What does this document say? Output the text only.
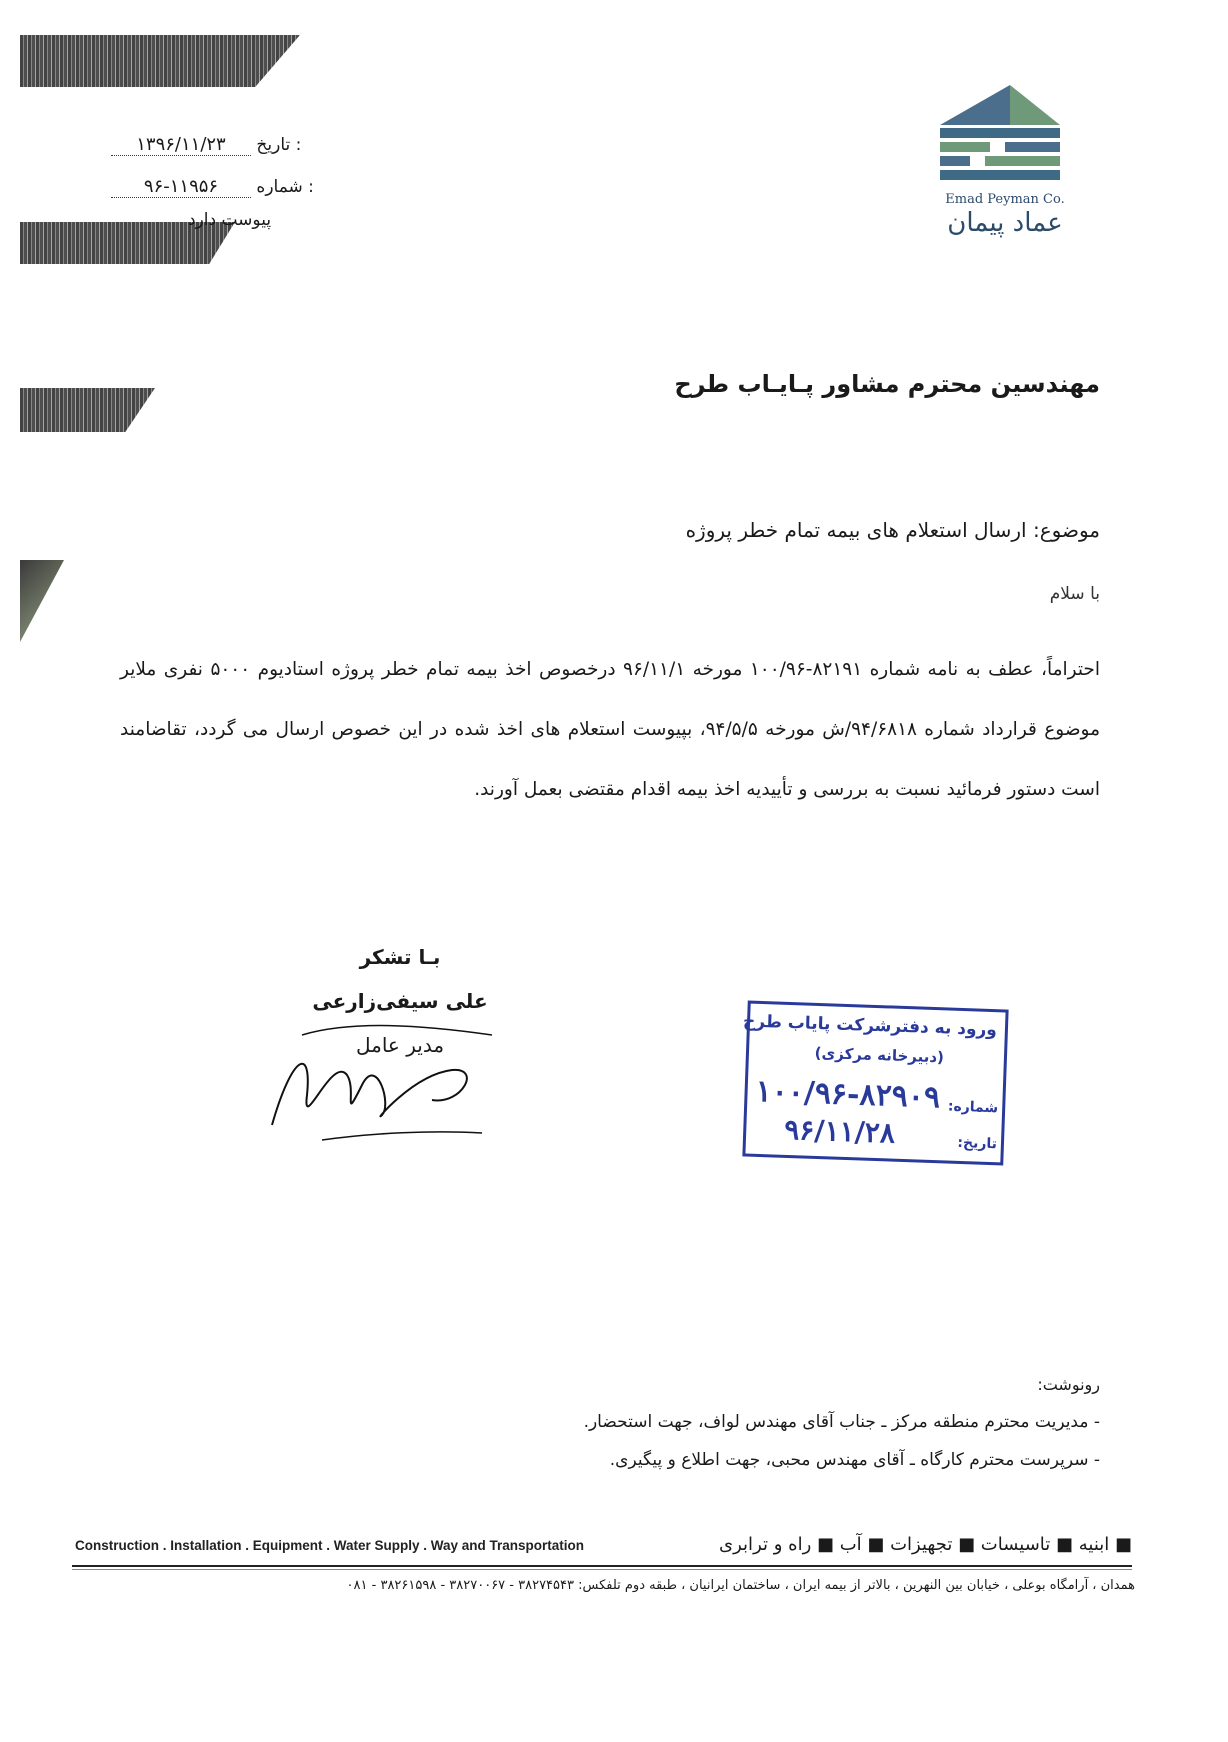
: تاریخ ۱۳۹۶/۱۱/۲۳
: شماره ۹۶-۱۱۹۵۶
پیوست دارد
Emad Peyman Co.
عماد پیمان
مهندسین محترم مشاور پـایـاب طرح
موضوع: ارسال استعلام های بیمه تمام خطر پروژه
با سلام
احتراماً، عطف به نامه شماره ۸۲۱۹۱-۱۰۰/۹۶ مورخه ۹۶/۱۱/۱ درخصوص اخذ بیمه تمام خطر پروژه استادیوم ۵۰۰۰ نفری ملایر موضوع قرارداد شماره ۹۴/۶۸۱۸/ش مورخه ۹۴/۵/۵، بپیوست استعلام های اخذ شده در این خصوص ارسال می گردد، تقاضامند است دستور فرمائید نسبت به بررسی و تأییدیه اخذ بیمه اقدام مقتضی بعمل آورند.
بـا تشکر
علی سیفی‌زارعی
مدیر عامل
ورود به دفترشرکت پایاب طرح
(دبیرخانه مرکزی)
شماره:
۱۰۰/۹۶-۸۲۹۰۹
تاریخ:
۹۶/۱۱/۲۸
رونوشت:
- مدیریت محترم منطقه مرکز ـ جناب آقای مهندس لواف، جهت استحضار.
- سرپرست محترم کارگاه ـ آقای مهندس محبی، جهت اطلاع و پیگیری.
Construction . Installation . Equipment . Water Supply . Way and Transportation	■ ابنیه ■ تاسیسات ■ تجهیزات ■ آب ■ راه و ترابری
همدان ، آرامگاه بوعلی ، خیابان بین النهرین ، بالاتر از بیمه ایران ، ساختمان ایرانیان ، طبقه دوم تلفکس: ۳۸۲۷۴۵۴۳ - ۳۸۲۷۰۰۶۷ - ۳۸۲۶۱۵۹۸ - ۰۸۱
